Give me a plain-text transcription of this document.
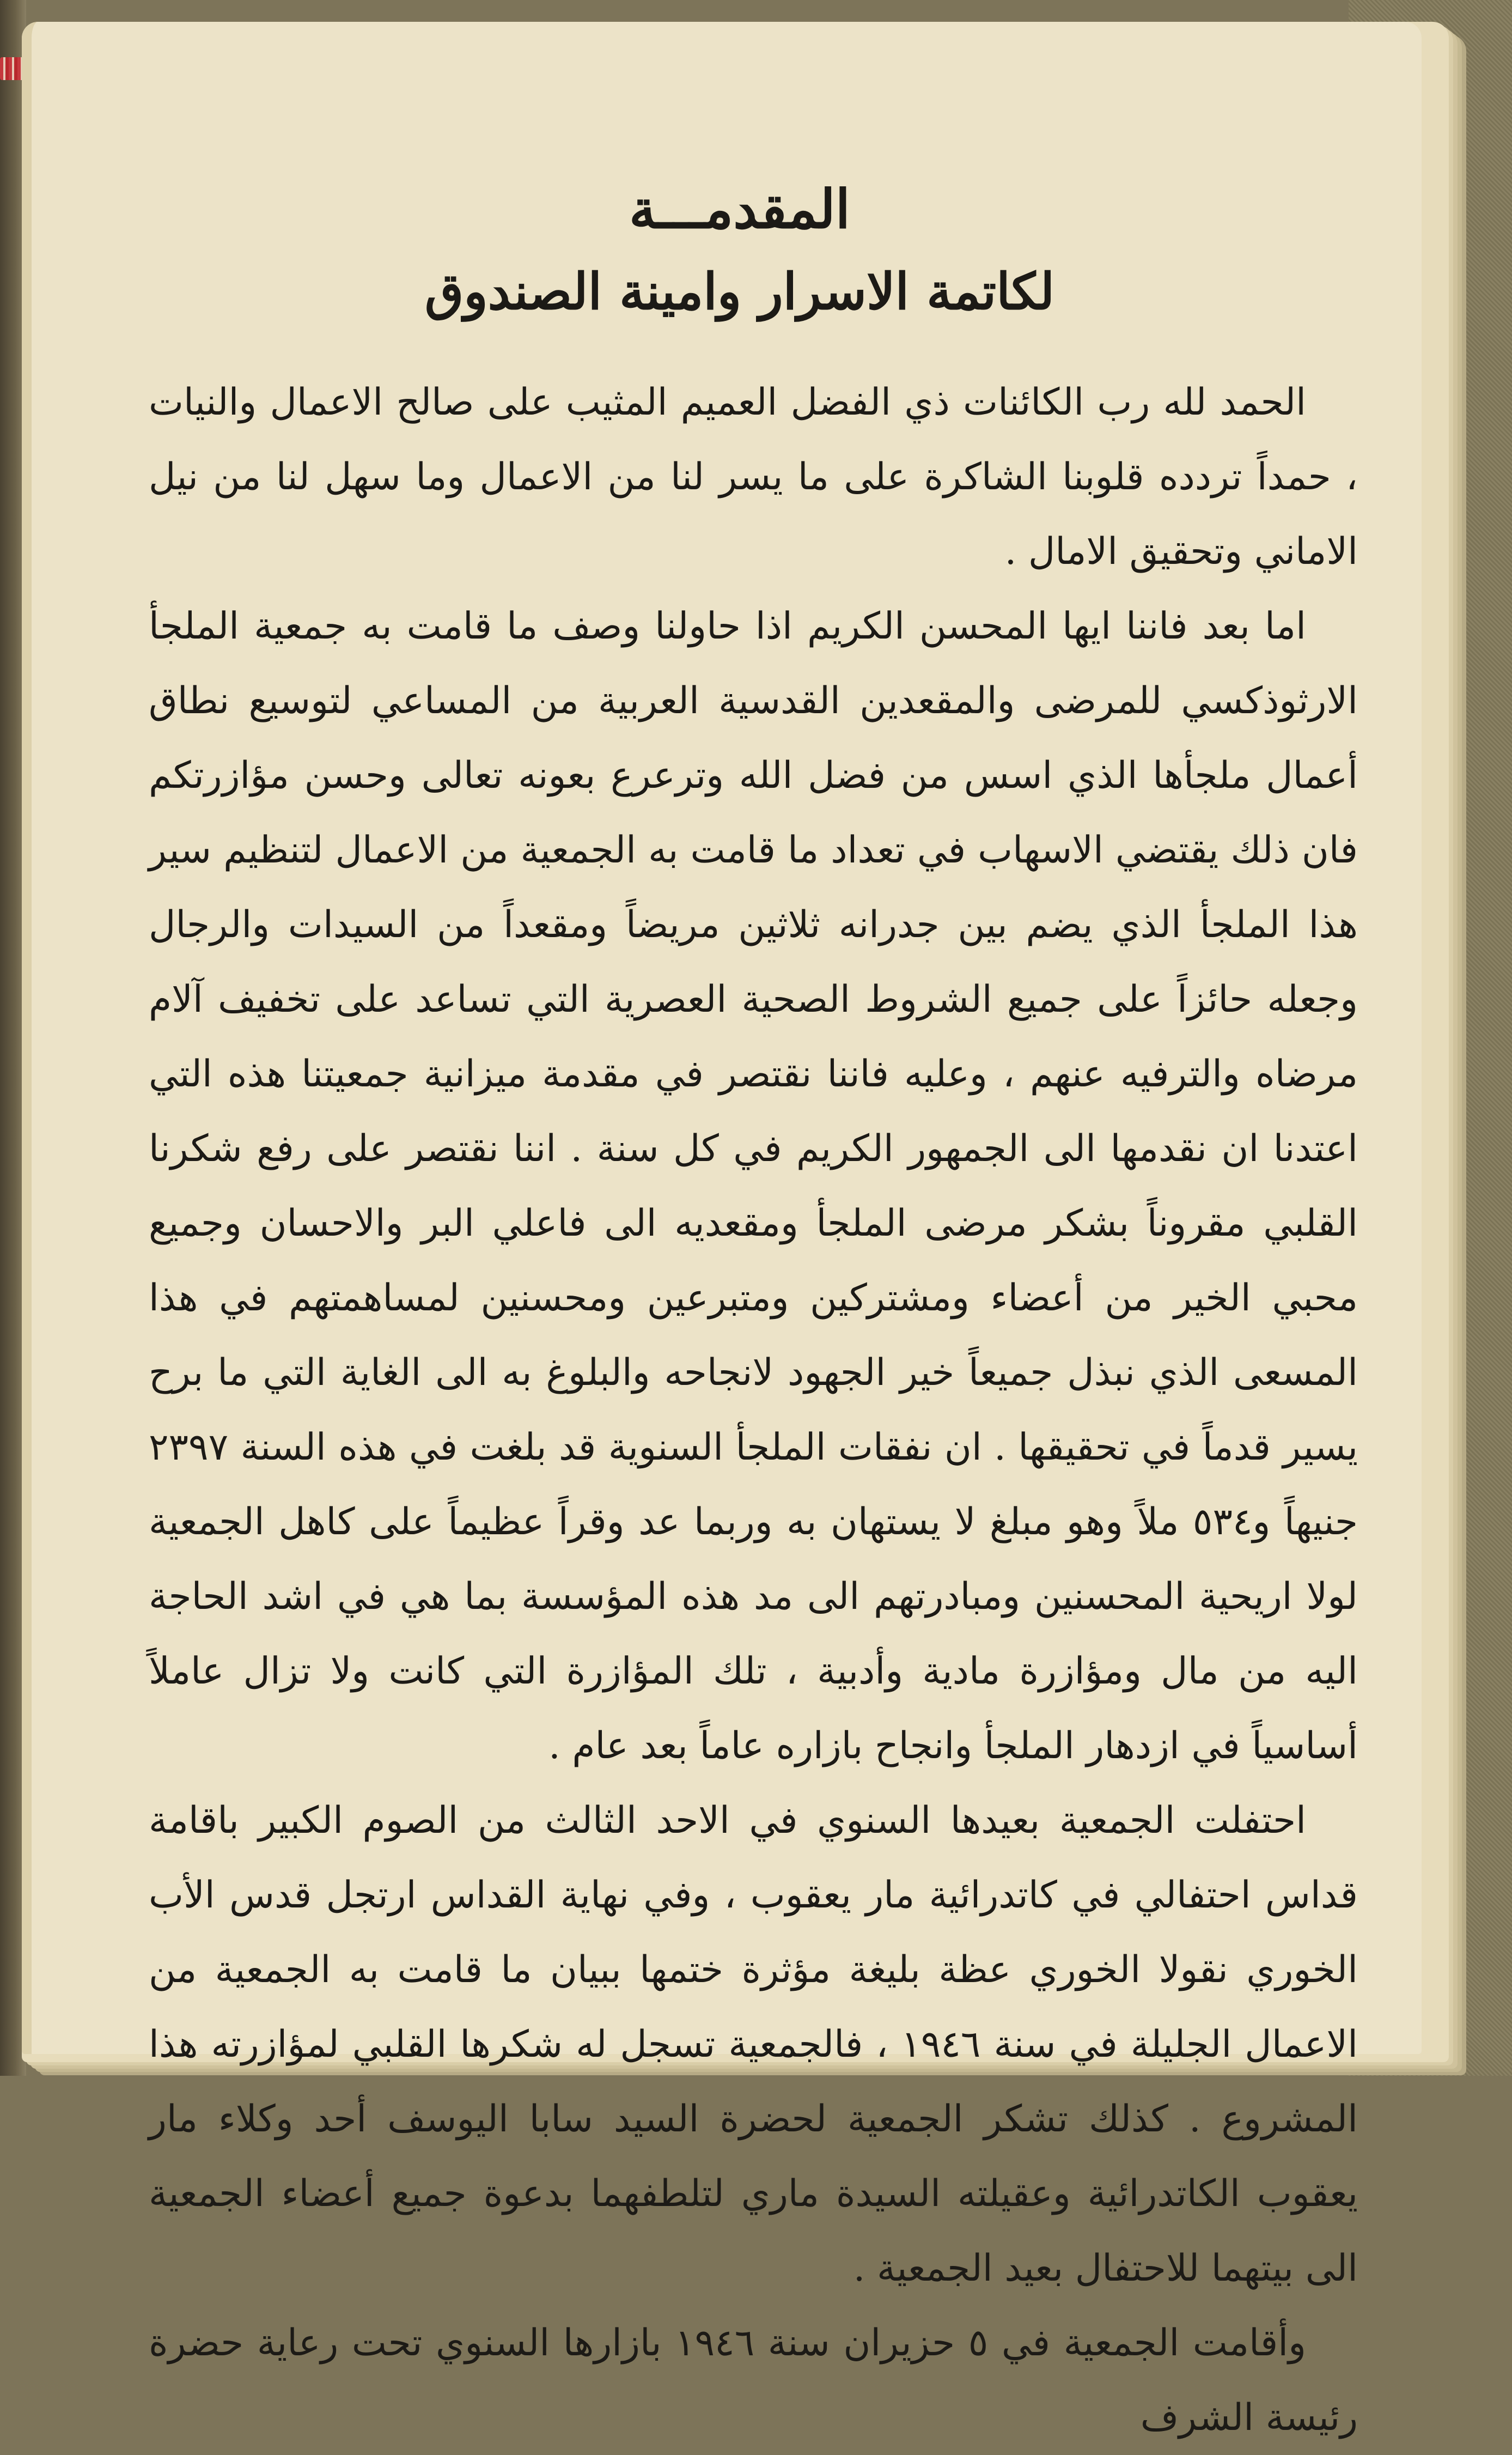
المقدمـــة
لكاتمة الاسرار وامينة الصندوق

الحمد لله رب الكائنات ذي الفضل العميم المثيب على صالح الاعمال والنيات ، حمداً تردده قلوبنا الشاكرة على ما يسر لنا من الاعمال وما سهل لنا من نيل الاماني وتحقيق الامال .

اما بعد فاننا ايها المحسن الكريم اذا حاولنا وصف ما قامت به جمعية الملجأ الارثوذكسي للمرضى والمقعدين القدسية العربية من المساعي لتوسيع نطاق أعمال ملجأها الذي اسس من فضل الله وترعرع بعونه تعالى وحسن مؤازرتكم فان ذلك يقتضي الاسهاب في تعداد ما قامت به الجمعية من الاعمال لتنظيم سير هذا الملجأ الذي يضم بين جدرانه ثلاثين مريضاً ومقعداً من السيدات والرجال وجعله حائزاً على جميع الشروط الصحية العصرية التي تساعد على تخفيف آلام مرضاه والترفيه عنهم ، وعليه فاننا نقتصر في مقدمة ميزانية جمعيتنا هذه التي اعتدنا ان نقدمها الى الجمهور الكريم في كل سنة . اننا نقتصر على رفع شكرنا القلبي مقروناً بشكر مرضى الملجأ ومقعديه الى فاعلي البر والاحسان وجميع محبي الخير من أعضاء ومشتركين ومتبرعين ومحسنين لمساهمتهم في هذا المسعى الذي نبذل جميعاً خير الجهود لانجاحه والبلوغ به الى الغاية التي ما برح يسير قدماً في تحقيقها . ان نفقات الملجأ السنوية قد بلغت في هذه السنة ٢٣٩٧ جنيهاً و٥٣٤ ملاً وهو مبلغ لا يستهان به وربما عد وقراً عظيماً على كاهل الجمعية لولا اريحية المحسنين ومبادرتهم الى مد هذه المؤسسة بما هي في اشد الحاجة اليه من مال ومؤازرة مادية وأدبية ، تلك المؤازرة التي كانت ولا تزال عاملاً أساسياً في ازدهار الملجأ وانجاح بازاره عاماً بعد عام .

احتفلت الجمعية بعيدها السنوي في الاحد الثالث من الصوم الكبير باقامة قداس احتفالي في كاتدرائية مار يعقوب ، وفي نهاية القداس ارتجل قدس الأب الخوري نقولا الخوري عظة بليغة مؤثرة ختمها ببيان ما قامت به الجمعية من الاعمال الجليلة في سنة ١٩٤٦ ، فالجمعية تسجل له شكرها القلبي لمؤازرته هذا المشروع . كذلك تشكر الجمعية لحضرة السيد سابا اليوسف أحد وكلاء مار يعقوب الكاتدرائية وعقيلته السيدة ماري لتلطفهما بدعوة جميع أعضاء الجمعية الى بيتهما للاحتفال بعيد الجمعية .

وأقامت الجمعية في ٥ حزيران سنة ١٩٤٦ بازارها السنوي تحت رعاية حضرة رئيسة الشرف
